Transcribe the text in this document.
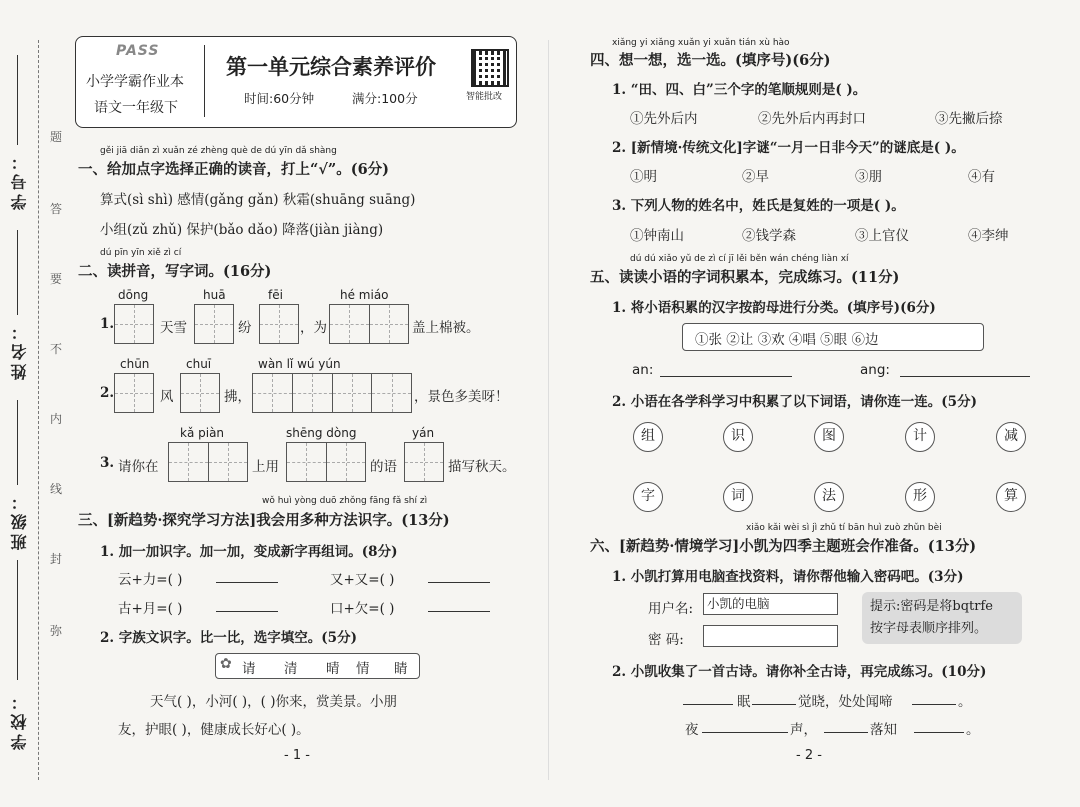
学校：
班级：
姓名：
学号：
题
答
要
不
内
线
封
弥
PASS
小学学霸作业本
语文一年级下
第一单元综合素养评价
时间:60分钟	满分:100分	智能批改
gěi jiā diǎn zì xuǎn zé zhèng què de dú yīn dǎ shàng
一、给加点字选择正确的读音，打上“√”。(6分)
算式(sì shì) 感情(gǎng gǎn) 秋霜(shuāng suāng)
小组(zǔ zhǔ) 保护(bǎo dǎo) 降落(jiàn jiàng)
dú pīn yīn xiě zì cí
二、读拼音，写字词。(16分)
1.
dōng
天雪
huā
纷
fēi
，为
hé miáo
盖上棉被。
2.
chūn
风
chuī
拂，
wàn lǐ wú yún
，景色多美呀！
3. 请你在
kǎ piàn
上用
shēng dòng
的语
yán
描写秋天。
wǒ huì yòng duō zhǒng fāng fǎ shí zì
三、[新趋势·探究学习方法]我会用多种方法识字。(13分)
1. 加一加识字。加一加，变成新字再组词。(8分)
云+力=( )	又+又=( )
古+月=( )	口+欠=( )
2. 字族文识字。比一比，选字填空。(5分)
✿ 请 清 晴 情 睛
天气( )，小河( )，( )你来，赏美景。小朋
友，护眼( )，健康成长好心( )。
- 1 -
xiǎng yi xiǎng xuǎn yi xuǎn tián xù hào
四、想一想，选一选。(填序号)(6分)
1. “田、四、白”三个字的笔顺规则是( )。
①先外后内	②先外后内再封口	③先撇后捺
2. [新情境·传统文化]字谜“一月一日非今天”的谜底是( )。
①明	②早	③朋	④有
3. 下列人物的姓名中，姓氏是复姓的一项是( )。
①钟南山	②钱学森	③上官仪	④李绅
dú dú xiǎo yǔ de zì cí jī lěi běn wán chéng liàn xí
五、读读小语的字词积累本，完成练习。(11分)
1. 将小语积累的汉字按韵母进行分类。(填序号)(6分)
①张 ②让 ③欢 ④唱 ⑤眼 ⑥边
an:	ang:
2. 小语在各学科学习中积累了以下词语，请你连一连。(5分)
组	识	图	计	减
字	词	法	形	算
xiǎo kǎi wèi sì jì zhǔ tí bān huì zuò zhǔn bèi
六、[新趋势·情境学习]小凯为四季主题班会作准备。(13分)
1. 小凯打算用电脑查找资料，请你帮他输入密码吧。(3分)
用户名:	小凯的电脑
密 码:
提示:密码是将bqtrfe
按字母表顺序排列。
2. 小凯收集了一首古诗。请你补全古诗，再完成练习。(10分)
眠	觉晓，处处闻啼	。
夜	声，	落知	。
- 2 -
